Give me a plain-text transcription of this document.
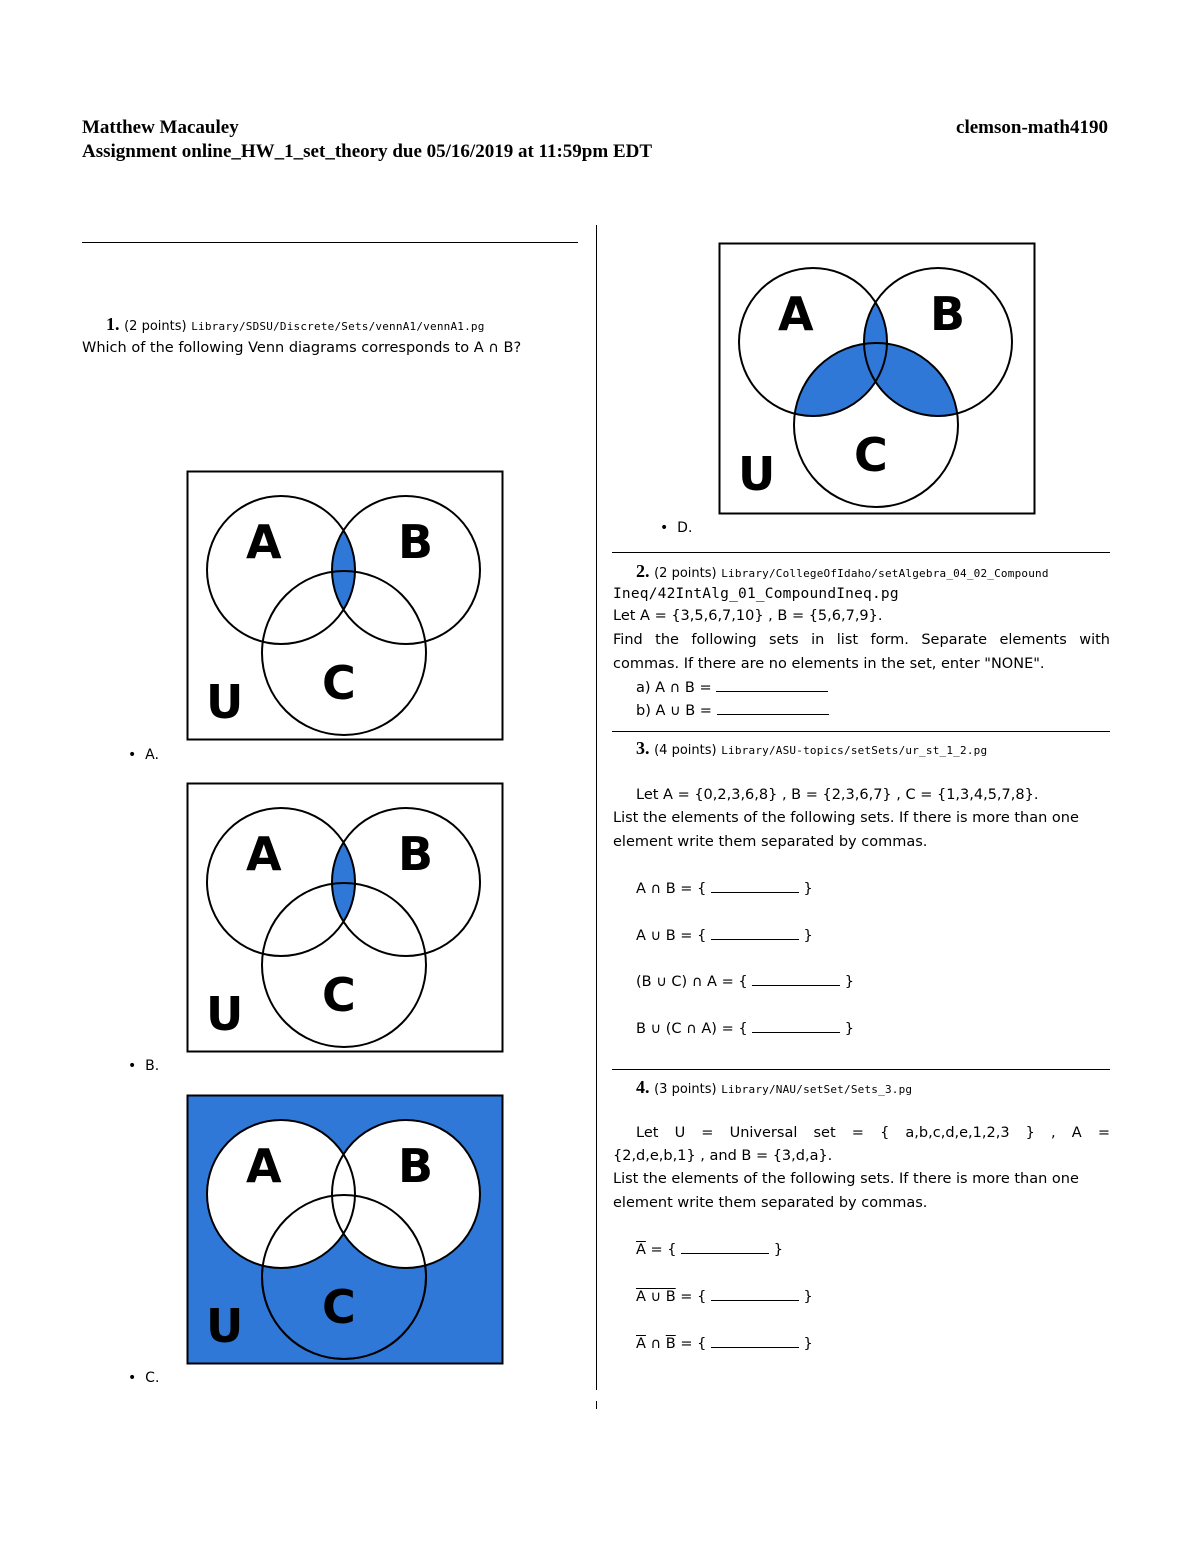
Matthew Macauley	clemson-math4190
Assignment online_HW_1_set_theory due 05/16/2019 at 11:59pm EDT
1. (2 points) Library/SDSU/Discrete/Sets/vennA1/vennA1.pg
Which of the following Venn diagrams corresponds to A ∩ B?
A	B
C
U
•  A.
A	B
C
U
•  B.
A	B
C
U
•  C.
A	B
C
U
•  D.
2. (2 points) Library/CollegeOfIdaho/setAlgebra_04_02_Compound
Ineq/42IntAlg_01_CompoundIneq.pg
Let A = {3,5,6,7,10} , B = {5,6,7,9}.
Find the following sets in list form. Separate elements with commas. If there are no elements in the set, enter "NONE".
a) A ∩ B =
b) A ∪ B =
3. (4 points) Library/ASU-topics/setSets/ur_st_1_2.pg
Let A = {0,2,3,6,8} , B = {2,3,6,7} , C = {1,3,4,5,7,8}.
List the elements of the following sets. If there is more than one element write them separated by commas.
A ∩ B = {	}
A ∪ B = {	}
(B ∪ C) ∩ A = {	}
B ∪ (C ∩ A) = {	}
4. (3 points) Library/NAU/setSet/Sets_3.pg
Let U = Universal set = { a,b,c,d,e,1,2,3 } , A =
{2,d,e,b,1} , and B = {3,d,a}.
List the elements of the following sets. If there is more than one element write them separated by commas.
$\overline{A}$ = {	}
A ∪ B = {	}
$\overline{A}$ ∩ $\overline{B}$ = {	}
